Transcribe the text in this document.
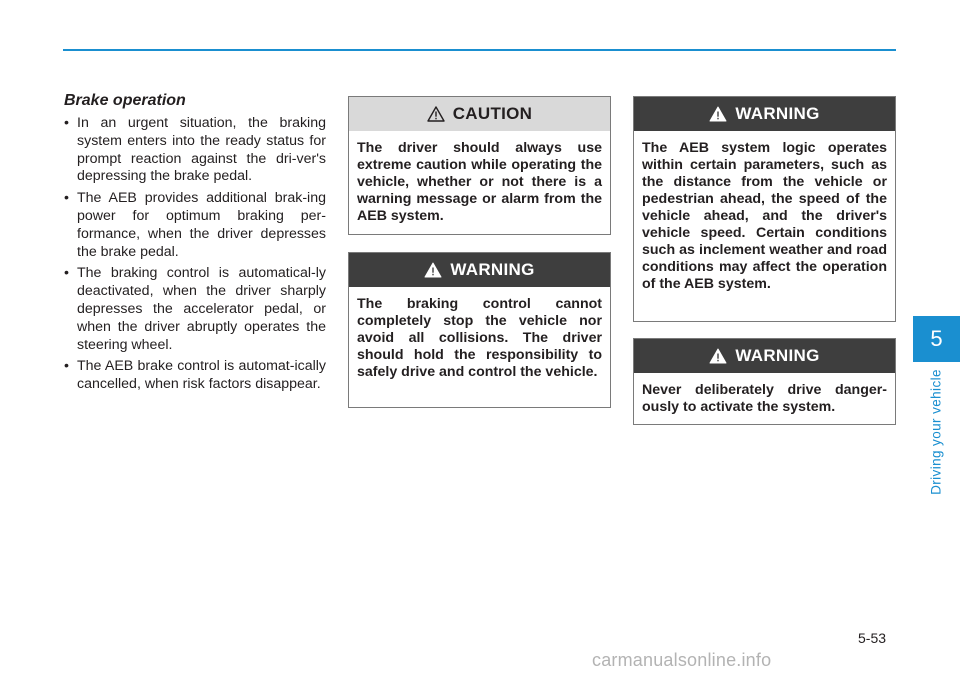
Brake operation
• In an urgent situation, the braking system enters into the ready status for prompt reaction against the dri-ver's depressing the brake pedal.
• The AEB provides additional brak-ing power for optimum braking per-formance, when the driver depresses the brake pedal.
• The braking control is automatical-ly deactivated, when the driver sharply depresses the accelerator pedal, or when the driver abruptly operates the steering wheel.
• The AEB brake control is automat-ically cancelled, when risk factors disappear.
CAUTION
The driver should always use extreme caution while operating the vehicle, whether or not there is a warning message or alarm from the AEB system.
WARNING
The braking control cannot completely stop the vehicle nor avoid all collisions. The driver should hold the responsibility to safely drive and control the vehicle.
WARNING
The AEB system logic operates within certain parameters, such as the distance from the vehicle or pedestrian ahead, the speed of the vehicle ahead, and the driver's vehicle speed. Certain conditions such as inclement weather and road conditions may affect the operation of the AEB system.
WARNING
Never deliberately drive danger-ously to activate the system.
5
Driving your vehicle
5-53
carmanualsonline.info
